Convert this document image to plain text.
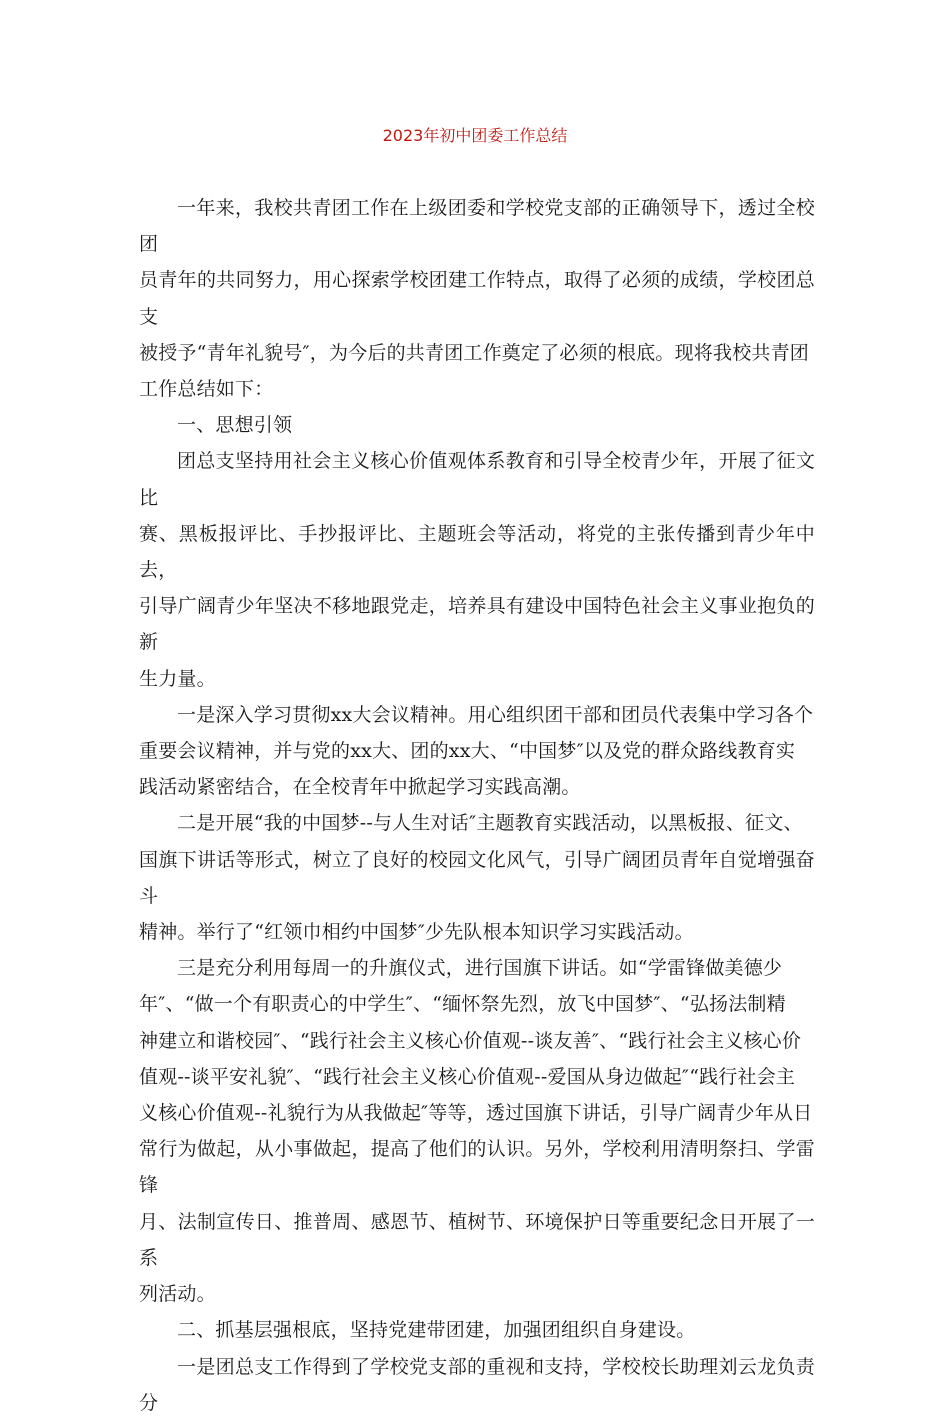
2023年初中团委工作总结
一年来，我校共青团工作在上级团委和学校党支部的正确领导下，透过全校团
员青年的共同努力，用心探索学校团建工作特点，取得了必须的成绩，学校团总支
被授予“青年礼貌号″，为今后的共青团工作奠定了必须的根底。现将我校共青团
工作总结如下：
一、思想引领
团总支坚持用社会主义核心价值观体系教育和引导全校青少年，开展了征文比
赛、黑板报评比、手抄报评比、主题班会等活动，将党的主张传播到青少年中去，
引导广阔青少年坚决不移地跟党走，培养具有建设中国特色社会主义事业抱负的新
生力量。
一是深入学习贯彻xx大会议精神。用心组织团干部和团员代表集中学习各个
重要会议精神，并与党的xx大、团的xx大、“中国梦″以及党的群众路线教育实
践活动紧密结合，在全校青年中掀起学习实践高潮。
二是开展“我的中国梦--与人生对话″主题教育实践活动，以黑板报、征文、
国旗下讲话等形式，树立了良好的校园文化风气，引导广阔团员青年自觉增强奋斗
精神。举行了“红领巾相约中国梦″少先队根本知识学习实践活动。
三是充分利用每周一的升旗仪式，进行国旗下讲话。如“学雷锋做美德少
年″、“做一个有职责心的中学生″、“缅怀祭先烈，放飞中国梦″、“弘扬法制精
神建立和谐校园″、“践行社会主义核心价值观--谈友善″、“践行社会主义核心价
值观--谈平安礼貌″、“践行社会主义核心价值观--爱国从身边做起″“践行社会主
义核心价值观--礼貌行为从我做起″等等，透过国旗下讲话，引导广阔青少年从日
常行为做起，从小事做起，提高了他们的认识。另外，学校利用清明祭扫、学雷锋
月、法制宣传日、推普周、感恩节、植树节、环境保护日等重要纪念日开展了一系
列活动。
二、抓基层强根底，坚持党建带团建，加强团组织自身建设。
一是团总支工作得到了学校党支部的重视和支持，学校校长助理刘云龙负责分
